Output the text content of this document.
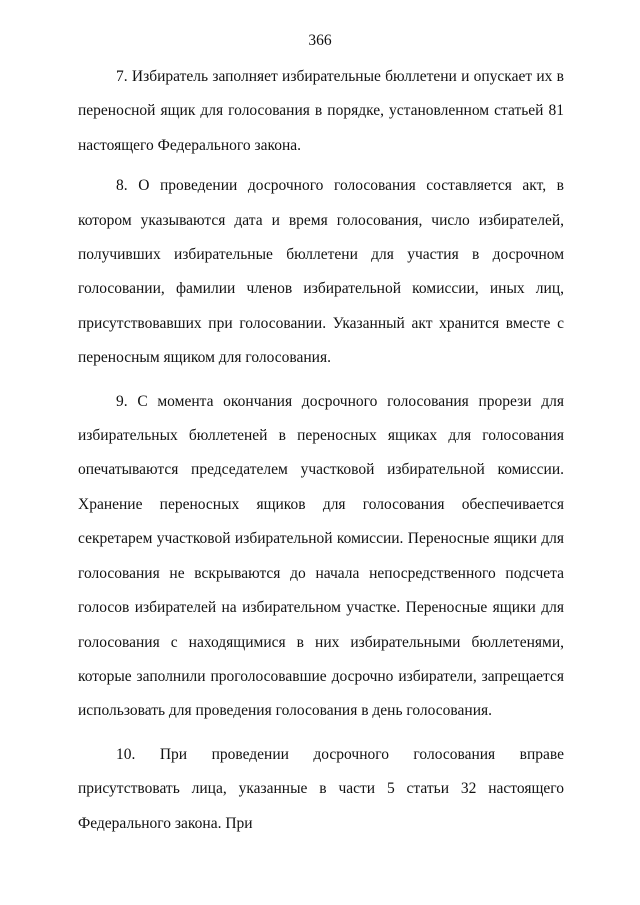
366

7. Избиратель заполняет избирательные бюллетени и опускает их в переносной ящик для голосования в порядке, установленном статьей 81 настоящего Федерального закона.

8. О проведении досрочного голосования составляется акт, в котором указываются дата и время голосования, число избирателей, получивших избирательные бюллетени для участия в досрочном голосовании, фамилии членов избирательной комиссии, иных лиц, присутствовавших при голосовании. Указанный акт хранится вместе с переносным ящиком для голосования.

9. С момента окончания досрочного голосования прорези для избирательных бюллетеней в переносных ящиках для голосования опечатываются председателем участковой избирательной комиссии. Хранение переносных ящиков для голосования обеспечивается секретарем участковой избирательной комиссии. Переносные ящики для голосования не вскрываются до начала непосредственного подсчета голосов избирателей на избирательном участке. Переносные ящики для голосования с находящимися в них избирательными бюллетенями, которые заполнили проголосовавшие досрочно избиратели, запрещается использовать для проведения голосования в день голосования.

10. При проведении досрочного голосования вправе присутствовать лица, указанные в части 5 статьи 32 настоящего Федерального закона. При
